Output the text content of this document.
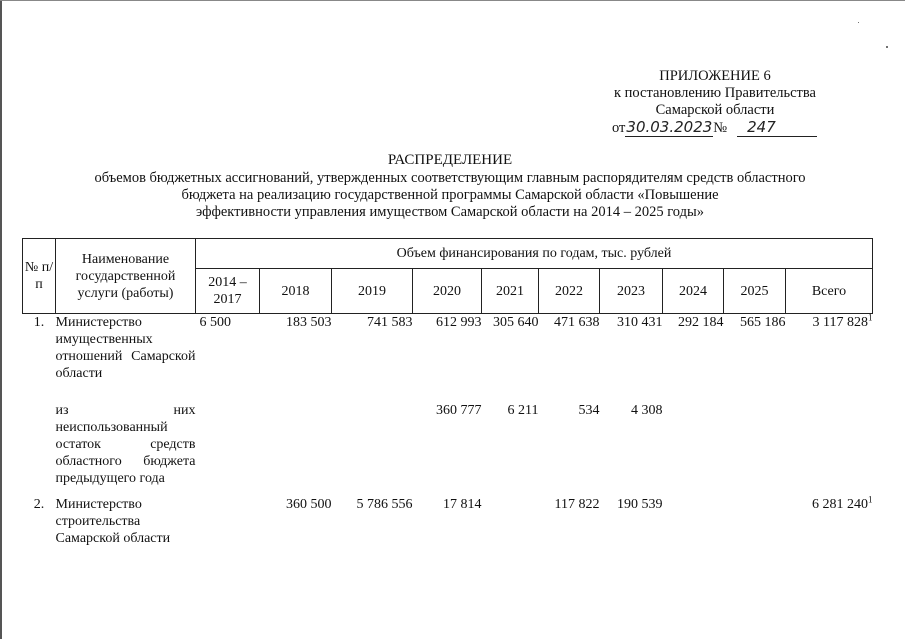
ПРИЛОЖЕНИЕ 6
к постановлению Правительства
Самарской области
от30.03.2023№ 247
РАСПРЕДЕЛЕНИЕ
объемов бюджетных ассигнований, утвержденных соответствующим главным распорядителям средств областного
бюджета на реализацию государственной программы Самарской области «Повышение
эффективности управления имуществом Самарской области на 2014 – 2025 годы»
№ п/п	Наименование государственной услуги (работы)	Объем финансирования по годам, тыс. рублей									
		2014 – 2017	2018	2019	2020	2021	2022	2023	2024	2025	Всего
1.	Министерство имущественных отношений Самарской области	6 500	183 503	741 583	612 993	305 640	471 638	310 431	292 184	565 186	3 117 $828^1$
	из них неиспользованный остаток средств областного бюджета предыдущего года				360 777	6 211	534	4 308			
2.	Министерство строительства Самарской области		360 500	5 786 556	17 814		117 822	190 539			6 281 $240^1$
